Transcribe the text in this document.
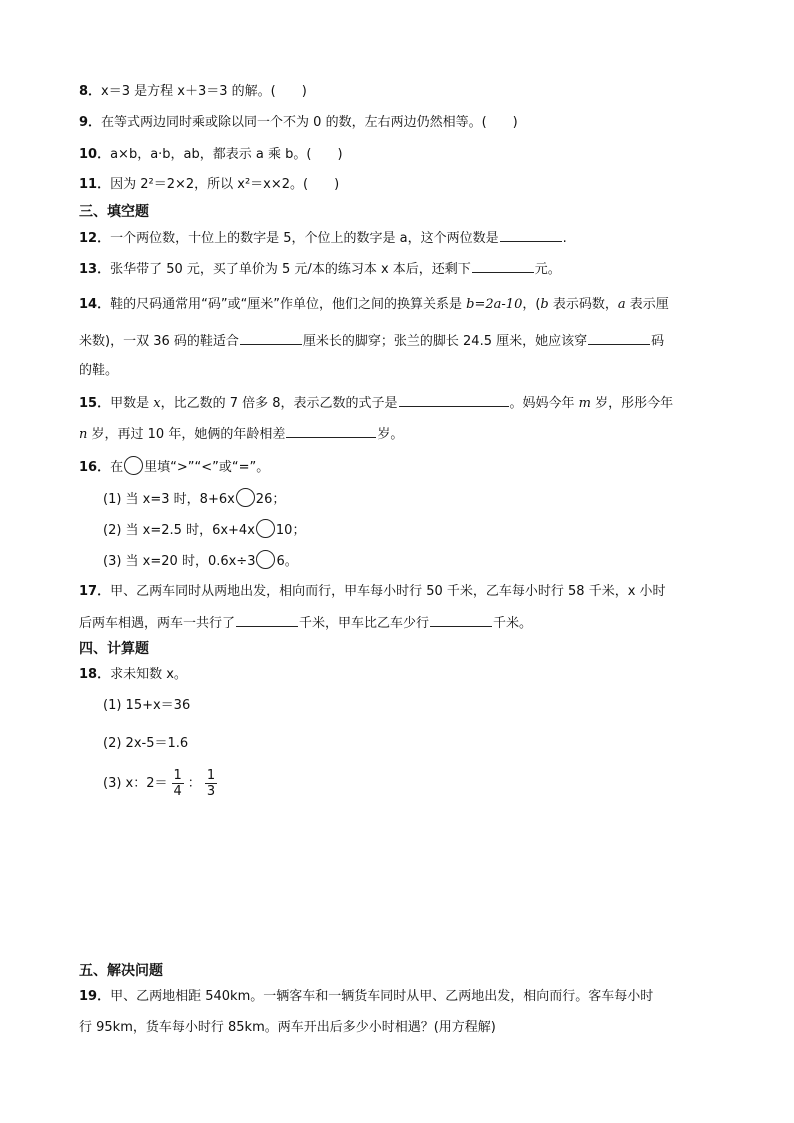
8．x＝3 是方程 x＋3＝3 的解。(　　)
9．在等式两边同时乘或除以同一个不为 0 的数，左右两边仍然相等。(　　)
10．a×b，a·b，ab，都表示 a 乘 b。(　　)
11．因为 2²＝2×2，所以 x²＝x×2。(　　)
三、填空题
12．一个两位数，十位上的数字是 5，个位上的数字是 a，这个两位数是	.
13．张华带了 50 元，买了单价为 5 元/本的练习本 x 本后，还剩下	元。
14．鞋的尺码通常用“码”或“厘米”作单位，他们之间的换算关系是 b=2a-10，(b 表示码数，a 表示厘
米数)，一双 36 码的鞋适合	厘米长的脚穿；张兰的脚长 24.5 厘米，她应该穿	码
的鞋。
15．甲数是 x，比乙数的 7 倍多 8，表示乙数的式子是	。妈妈今年 m 岁，彤彤今年
n 岁，再过 10 年，她俩的年龄相差	岁。
16．在 里填“>”“<”或“=”。
(1) 当 x=3 时，8+6x 26；
(2) 当 x=2.5 时，6x+4x 10；
(3) 当 x=20 时，0.6x÷3 6。
17．甲、乙两车同时从两地出发，相向而行，甲车每小时行 50 千米，乙车每小时行 58 千米，x 小时
后两车相遇，两车一共行了	千米，甲车比乙车少行	千米。
四、计算题
18．求未知数 x。
(1) 15+x＝36
(2) 2x-5＝1.6
(3) x：$2= \frac{1}{4}$ ： $\frac{1}{3}$
五、解决问题
19．甲、乙两地相距 540km。一辆客车和一辆货车同时从甲、乙两地出发，相向而行。客车每小时
行 95km，货车每小时行 85km。两车开出后多少小时相遇？(用方程解)
